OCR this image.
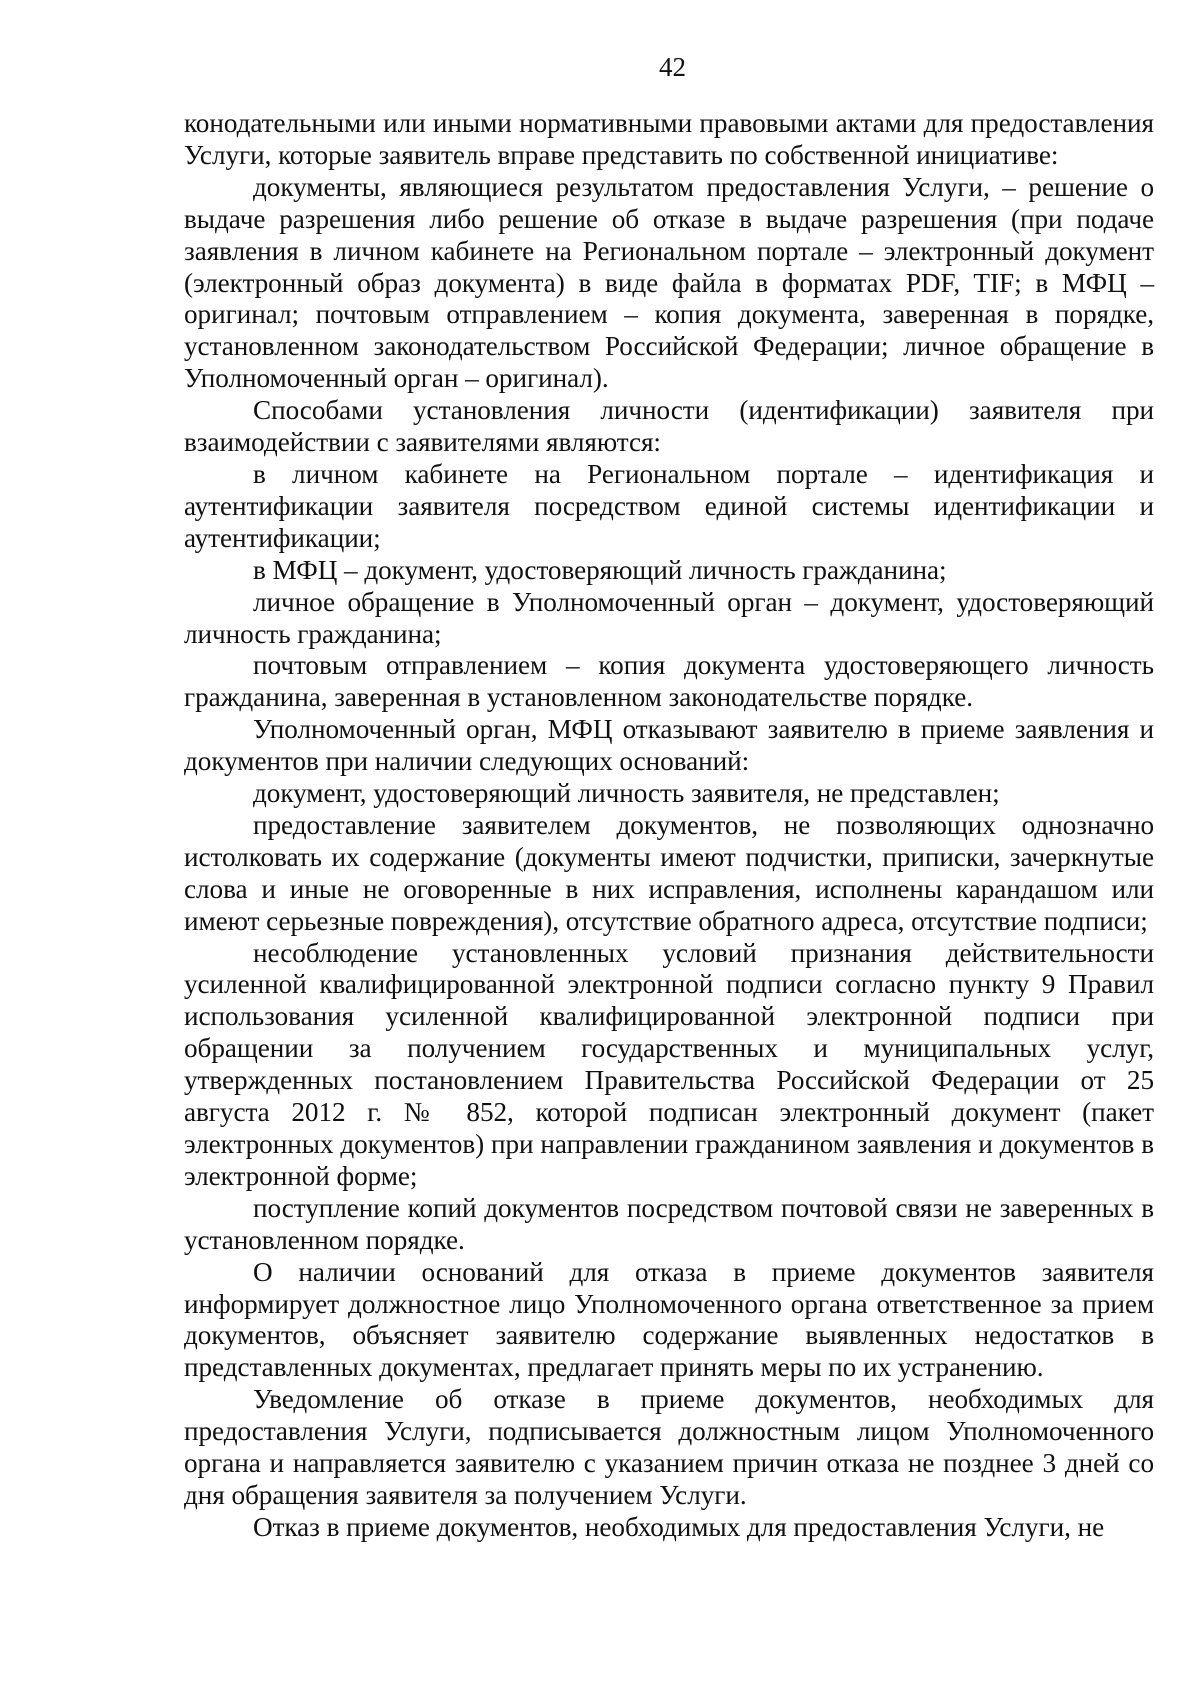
42

конодательными или иными нормативными правовыми актами для предоставления Услуги, которые заявитель вправе представить по собственной инициативе:

документы, являющиеся результатом предоставления Услуги, – решение о выдаче разрешения либо решение об отказе в выдаче разрешения (при подаче заявления в личном кабинете на Региональном портале – электронный документ (электронный образ документа) в виде файла в форматах PDF, TIF; в МФЦ – оригинал; почтовым отправлением – копия документа, заверенная в порядке, установленном законодательством Российской Федерации; личное обращение в Уполномоченный орган – оригинал).

Способами установления личности (идентификации) заявителя при взаимодействии с заявителями являются:

в личном кабинете на Региональном портале – идентификация и аутентификации заявителя посредством единой системы идентификации и аутентификации;

в МФЦ – документ, удостоверяющий личность гражданина;

личное обращение в Уполномоченный орган – документ, удостоверяющий личность гражданина;

почтовым отправлением – копия документа удостоверяющего личность гражданина, заверенная в установленном законодательстве порядке.

Уполномоченный орган, МФЦ отказывают заявителю в приеме заявления и документов при наличии следующих оснований:

документ, удостоверяющий личность заявителя, не представлен;

предоставление заявителем документов, не позволяющих однозначно истолковать их содержание (документы имеют подчистки, приписки, зачеркнутые слова и иные не оговоренные в них исправления, исполнены карандашом или имеют серьезные повреждения), отсутствие обратного адреса, отсутствие подписи;

несоблюдение установленных условий признания действительности усиленной квалифицированной электронной подписи согласно пункту 9 Правил использования усиленной квалифицированной электронной подписи при обращении за получением государственных и муниципальных услуг, утвержденных постановлением Правительства Российской Федерации от 25 августа 2012 г. № 852, которой подписан электронный документ (пакет электронных документов) при направлении гражданином заявления и документов в электронной форме;

поступление копий документов посредством почтовой связи не заверенных в установленном порядке.

О наличии оснований для отказа в приеме документов заявителя информирует должностное лицо Уполномоченного органа ответственное за прием документов, объясняет заявителю содержание выявленных недостатков в представленных документах, предлагает принять меры по их устранению.

Уведомление об отказе в приеме документов, необходимых для предоставления Услуги, подписывается должностным лицом Уполномоченного органа и направляется заявителю с указанием причин отказа не позднее 3 дней со дня обращения заявителя за получением Услуги.

Отказ в приеме документов, необходимых для предоставления Услуги, не
